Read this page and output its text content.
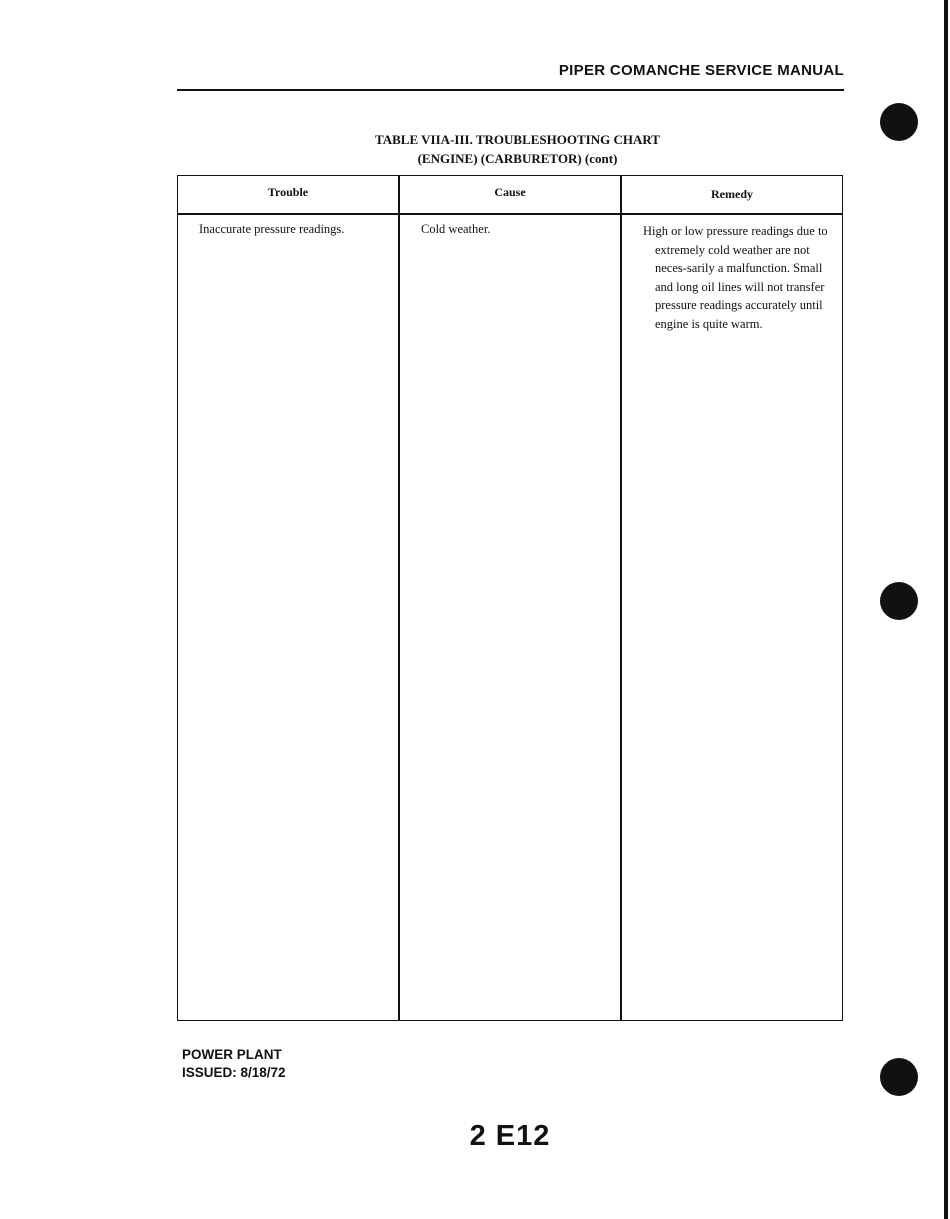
PIPER COMANCHE SERVICE MANUAL
TABLE VIIA-III. TROUBLESHOOTING CHART
(ENGINE) (CARBURETOR) (cont)
Trouble	Cause	Remedy
Inaccurate pressure readings.	Cold weather.	High or low pressure readings due to extremely cold weather are not neces-sarily a malfunction. Small and long oil lines will not transfer pressure readings accurately until engine is quite warm.
POWER PLANT
ISSUED: 8/18/72
2 E12
